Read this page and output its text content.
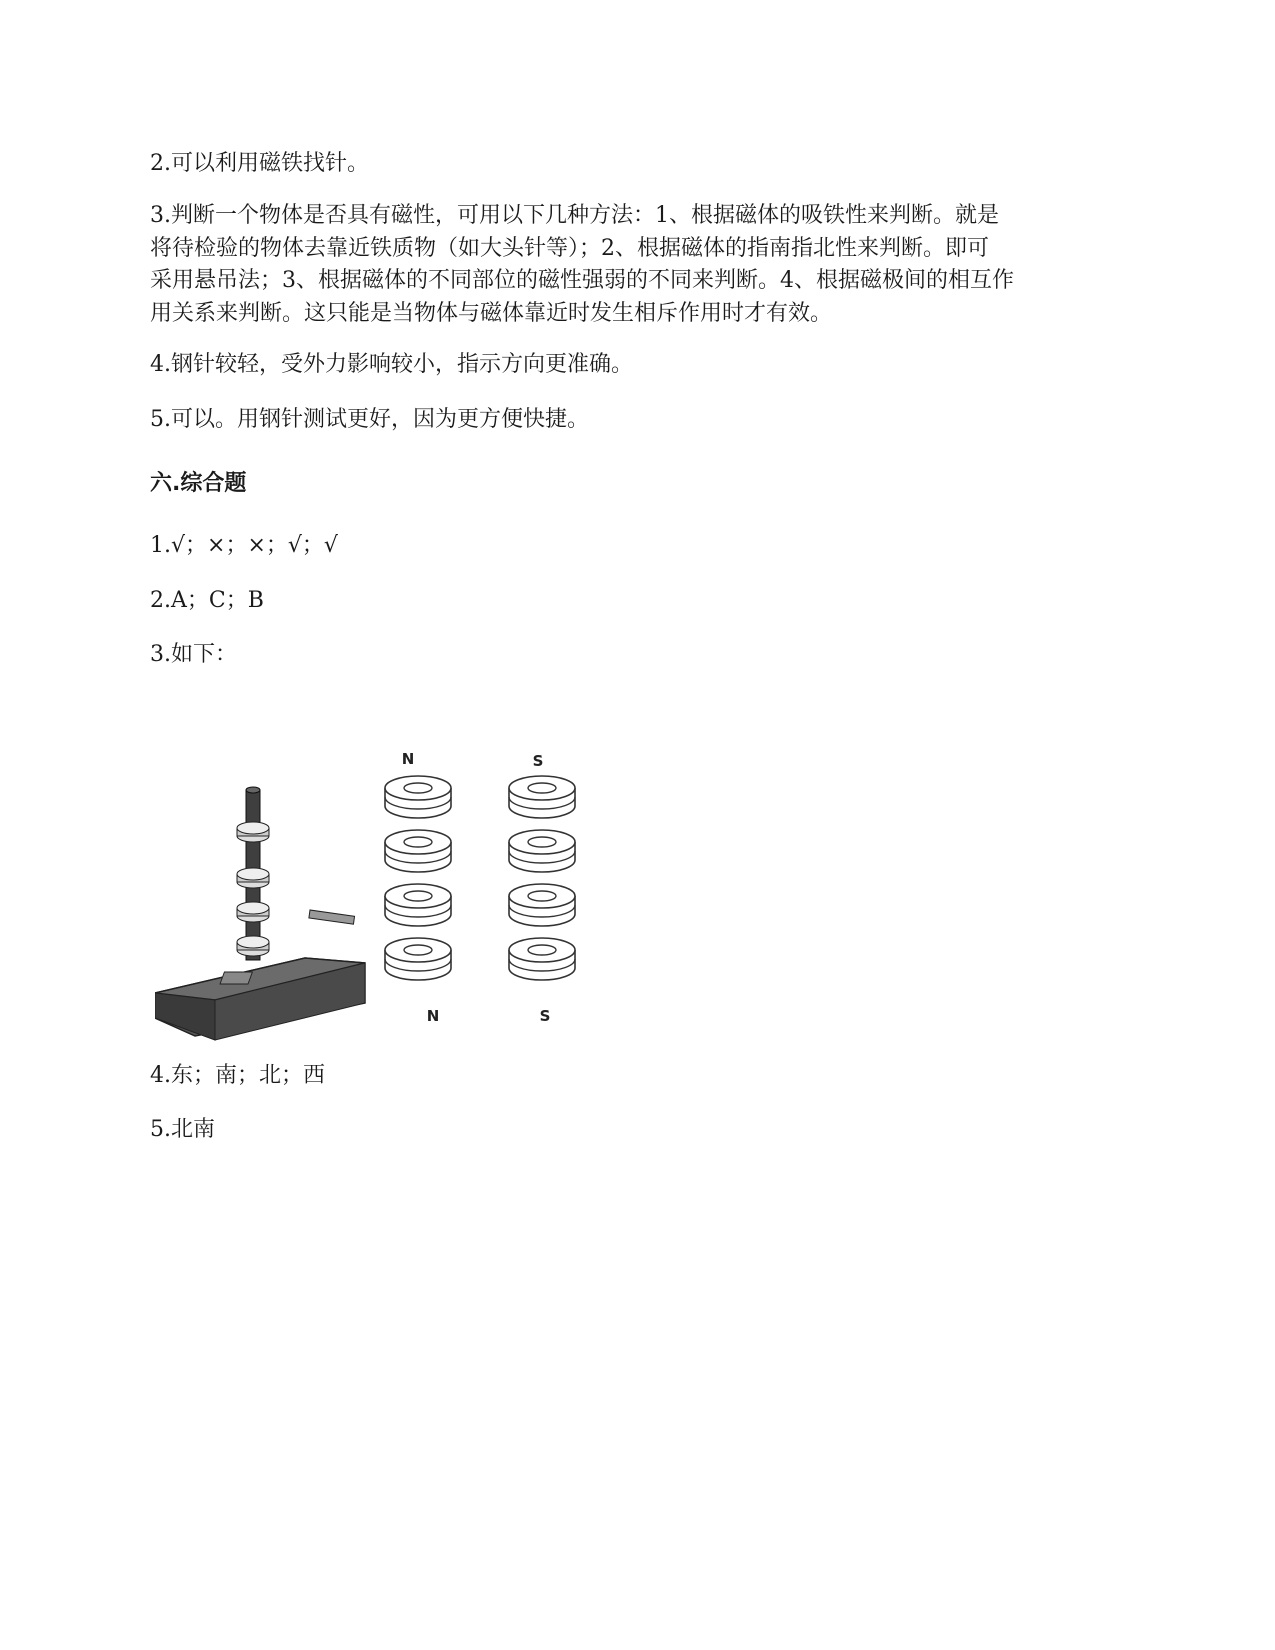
2.可以利用磁铁找针。
3.判断一个物体是否具有磁性，可用以下几种方法：1、根据磁体的吸铁性来判断。就是
将待检验的物体去靠近铁质物（如大头针等）；2、根据磁体的指南指北性来判断。即可
采用悬吊法；3、根据磁体的不同部位的磁性强弱的不同来判断。4、根据磁极间的相互作
用关系来判断。这只能是当物体与磁体靠近时发生相斥作用时才有效。
4.钢针较轻，受外力影响较小，指示方向更准确。
5.可以。用钢针测试更好，因为更方便快捷。
六.综合题
1.√；×；×；√；√
2.A；C；B
3.如下：
N	S
N	S
4.东；南；北；西
5.北南
